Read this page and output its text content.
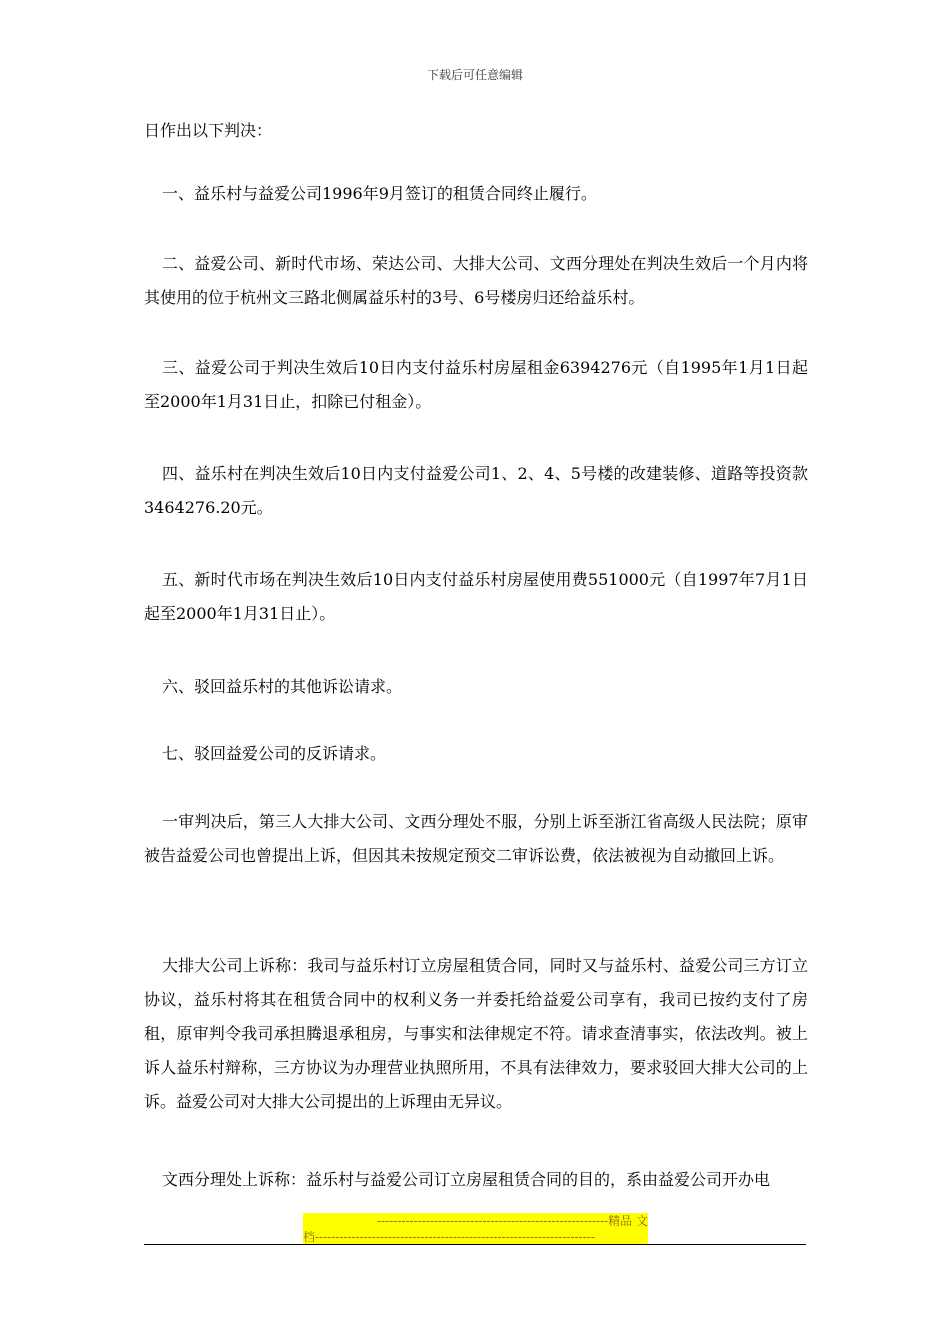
下载后可任意编辑

日作出以下判决：

一、益乐村与益爱公司1996年9月签订的租赁合同终止履行。

二、益爱公司、新时代市场、荣达公司、大排大公司、文西分理处在判决生效后一个月内将其使用的位于杭州文三路北侧属益乐村的3号、6号楼房归还给益乐村。

三、益爱公司于判决生效后10日内支付益乐村房屋租金6394276元（自1995年1月1日起至2000年1月31日止，扣除已付租金）。

四、益乐村在判决生效后10日内支付益爱公司1、2、4、5号楼的改建装修、道路等投资款3464276.20元。

五、新时代市场在判决生效后10日内支付益乐村房屋使用费551000元（自1997年7月1日起至2000年1月31日止）。

六、驳回益乐村的其他诉讼请求。

七、驳回益爱公司的反诉请求。

一审判决后，第三人大排大公司、文西分理处不服，分别上诉至浙江省高级人民法院；原审被告益爱公司也曾提出上诉，但因其未按规定预交二审诉讼费，依法被视为自动撤回上诉。

大排大公司上诉称：我司与益乐村订立房屋租赁合同，同时又与益乐村、益爱公司三方订立协议，益乐村将其在租赁合同中的权利义务一并委托给益爱公司享有，我司已按约支付了房租，原审判令我司承担腾退承租房，与事实和法律规定不符。请求查清事实，依法改判。被上诉人益乐村辩称，三方协议为办理营业执照所用，不具有法律效力，要求驳回大排大公司的上诉。益爱公司对大排大公司提出的上诉理由无异议。

文西分理处上诉称：益乐村与益爱公司订立房屋租赁合同的目的，系由益爱公司开办电

---------------------------------------------------------精品 文
档---------------------------------------------------------------------
